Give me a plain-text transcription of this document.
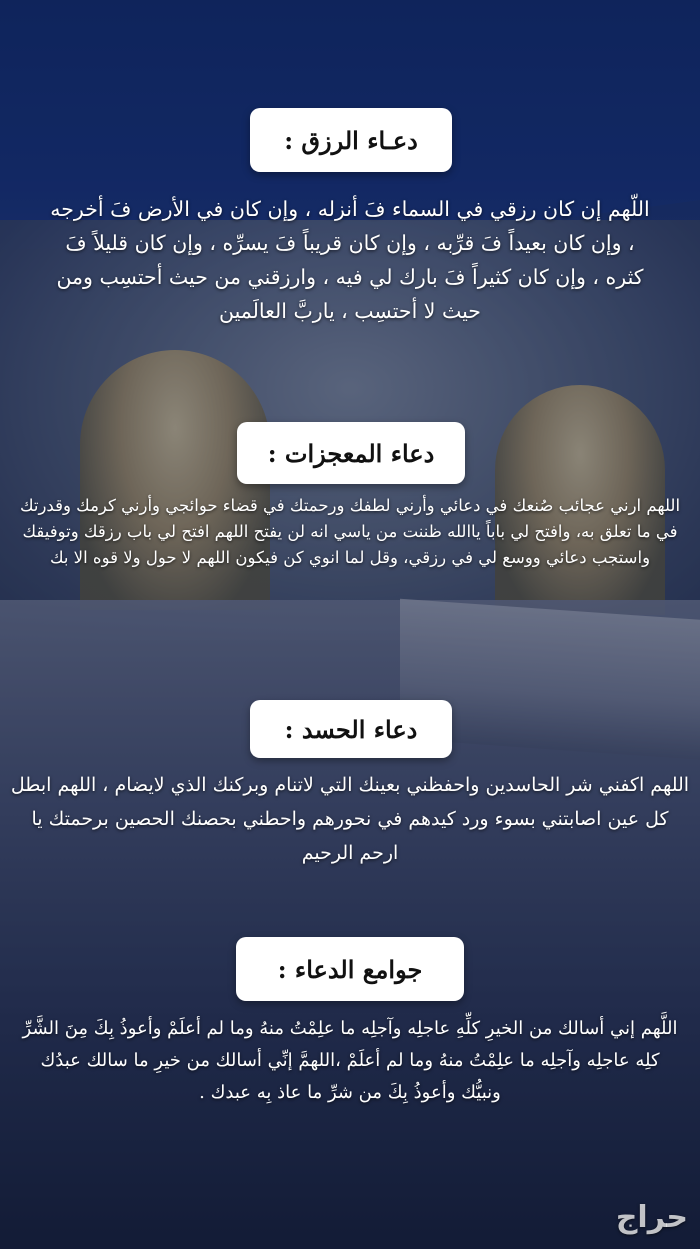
دعـاء الرزق :
اللّهم إن كان رزقي في السماء فَ أنزله ، وإن كان في الأرض فَ أخرجه ، وإن كان بعيداً فَ قرِّبه ، وإن كان قريباً فَ يسرِّه ، وإن كان قليلاً فَ كثره ، وإن كان كثيراً فَ بارك لي فيه ، وارزقني من حيث أحتسِب ومن حيث لا أحتسِب ، ياربَّ العالَمين
دعاء المعجزات :
اللهم ارني عجائب صُنعك في دعائي وأرني لطفك ورحمتك في قضاء حوائجي وأرني كرمك وقدرتك في ما تعلق به، وافتح لي باباً ياالله ظننت من ياسي انه لن يفتح اللهم افتح لي باب رزقك وتوفيقك واستجب دعائي ووسع لي في رزقي، وقل لما انوي كن فيكون اللهم لا حول ولا قوه الا بك
دعاء الحسد :
اللهم اكفني شر الحاسدين واحفظني بعينك التي لاتنام وبركنك الذي لايضام ، اللهم ابطل كل عين اصابتني بسوء ورد كيدهم في نحورهم واحطني بحصنك الحصين برحمتك يا ارحم الرحيم
جوامع الدعاء :
اللَّهم إني أسالك من الخيرِ كلِّهِ عاجلِه وآجلِه ما علِمْتُ منهُ وما لم أعلَمْ وأعوذُ بِكَ مِنَ الشَّرِّ كلِه عاجلِه وآجلِه ما علِمْتُ منهُ وما لم أعلَمْ ،اللهمَّ إنِّي أسالك من خيرِ ما سالك عبدُك ونبيُّك وأعوذُ بِكَ من شرِّ ما عاذ بِه عبدك .
حراج
